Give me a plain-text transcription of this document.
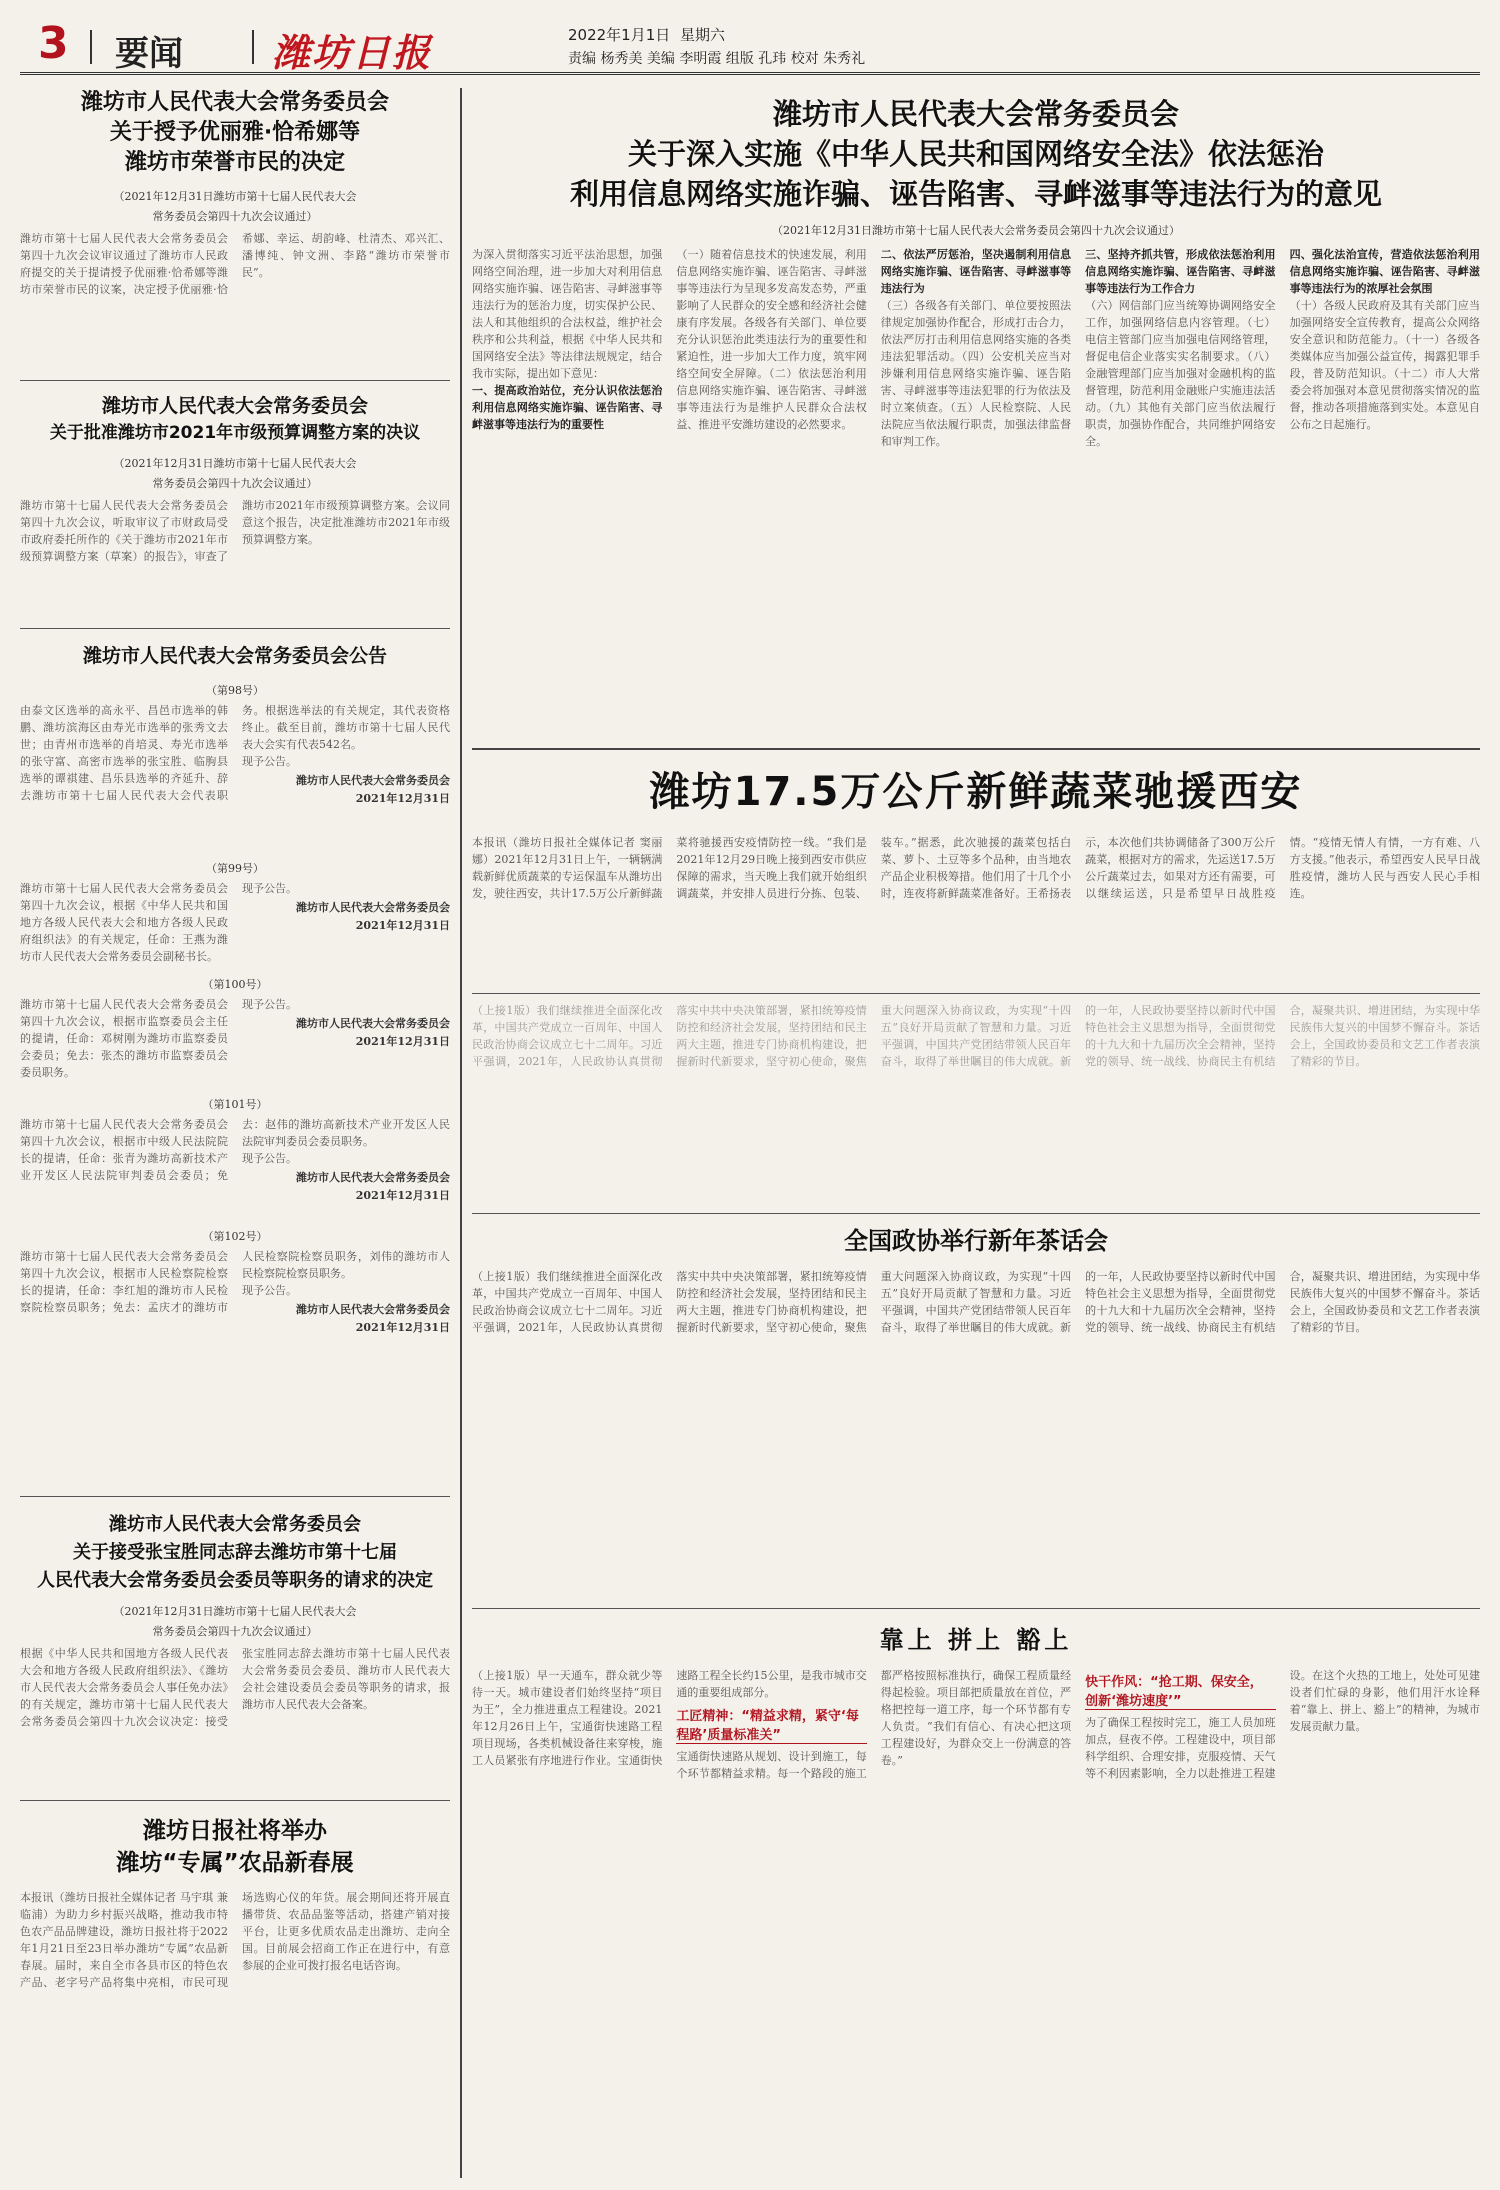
3 要闻 潍坊日报	2022年1月1日 星期六
责编 杨秀美 美编 李明霞 组版 孔玮 校对 朱秀礼

潍坊市人民代表大会常务委员会

关于授予优丽雅·恰希娜等

潍坊市荣誉市民的决定

（2021年12月31日潍坊市第十七届人民代表大会

常务委员会第四十九次会议通过）

潍坊市第十七届人民代表大会常务委员会第四十九次会议审议通过了潍坊市人民政府提交的关于提请授予优丽雅·恰希娜等潍坊市荣誉市民的议案，决定授予优丽雅·恰希娜、幸运、胡韵峰、杜清杰、邓兴汇、潘博纯、钟文洲、李路“潍坊市荣誉市民”。

潍坊市人民代表大会常务委员会

关于批准潍坊市2021年市级预算调整方案的决议

（2021年12月31日潍坊市第十七届人民代表大会

常务委员会第四十九次会议通过）

潍坊市第十七届人民代表大会常务委员会第四十九次会议，听取审议了市财政局受市政府委托所作的《关于潍坊市2021年市级预算调整方案（草案）的报告》，审查了潍坊市2021年市级预算调整方案。会议同意这个报告，决定批准潍坊市2021年市级预算调整方案。

潍坊市人民代表大会常务委员会公告

（第98号）

由泰文区选举的高永平、昌邑市选举的韩鹏、潍坊滨海区由寿光市选举的张秀文去世；由青州市选举的肖培灵、寿光市选举的张守富、高密市选举的张宝胜、临朐县选举的谭祺建、昌乐县选举的齐延升、辞去潍坊市第十七届人民代表大会代表职务。根据选举法的有关规定，其代表资格终止。截至目前，潍坊市第十七届人民代表大会实有代表542名。
现予公告。
潍坊市人民代表大会常务委员会
2021年12月31日

（第99号）

潍坊市第十七届人民代表大会常务委员会第四十九次会议，根据《中华人民共和国地方各级人民代表大会和地方各级人民政府组织法》的有关规定，任命：王燕为潍坊市人民代表大会常务委员会副秘书长。
现予公告。
潍坊市人民代表大会常务委员会
2021年12月31日

（第100号）

潍坊市第十七届人民代表大会常务委员会第四十九次会议，根据市监察委员会主任的提请，任命：邓树刚为潍坊市监察委员会委员；免去：张杰的潍坊市监察委员会委员职务。
现予公告。
潍坊市人民代表大会常务委员会
2021年12月31日

（第101号）

潍坊市第十七届人民代表大会常务委员会第四十九次会议，根据市中级人民法院院长的提请，任命：张青为潍坊高新技术产业开发区人民法院审判委员会委员；免去：赵伟的潍坊高新技术产业开发区人民法院审判委员会委员职务。
现予公告。
潍坊市人民代表大会常务委员会
2021年12月31日

（第102号）

潍坊市第十七届人民代表大会常务委员会第四十九次会议，根据市人民检察院检察长的提请，任命：李红旭的潍坊市人民检察院检察员职务；免去：孟庆才的潍坊市人民检察院检察员职务，刘伟的潍坊市人民检察院检察员职务。
现予公告。
潍坊市人民代表大会常务委员会
2021年12月31日

潍坊市人民代表大会常务委员会

关于接受张宝胜同志辞去潍坊市第十七届

人民代表大会常务委员会委员等职务的请求的决定

（2021年12月31日潍坊市第十七届人民代表大会

常务委员会第四十九次会议通过）

根据《中华人民共和国地方各级人民代表大会和地方各级人民政府组织法》、《潍坊市人民代表大会常务委员会人事任免办法》的有关规定，潍坊市第十七届人民代表大会常务委员会第四十九次会议决定：接受张宝胜同志辞去潍坊市第十七届人民代表大会常务委员会委员、潍坊市人民代表大会社会建设委员会委员等职务的请求，报潍坊市人民代表大会备案。

潍坊日报社将举办

潍坊“专属”农品新春展

本报讯（潍坊日报社全媒体记者 马宇琪 兼临浦）为助力乡村振兴战略，推动我市特色农产品品牌建设，潍坊日报社将于2022年1月21日至23日举办潍坊“专属”农品新春展。届时，来自全市各县市区的特色农产品、老字号产品将集中亮相，市民可现场选购心仪的年货。展会期间还将开展直播带货、农品品鉴等活动，搭建产销对接平台，让更多优质农品走出潍坊、走向全国。目前展会招商工作正在进行中，有意参展的企业可拨打报名电话咨询。

潍坊市人民代表大会常务委员会

关于深入实施《中华人民共和国网络安全法》依法惩治

利用信息网络实施诈骗、诬告陷害、寻衅滋事等违法行为的意见

（2021年12月31日潍坊市第十七届人民代表大会常务委员会第四十九次会议通过）

为深入贯彻落实习近平法治思想，加强网络空间治理，进一步加大对利用信息网络实施诈骗、诬告陷害、寻衅滋事等违法行为的惩治力度，切实保护公民、法人和其他组织的合法权益，维护社会秩序和公共利益，根据《中华人民共和国网络安全法》等法律法规规定，结合我市实际，提出如下意见：
一、提高政治站位，充分认识依法惩治利用信息网络实施诈骗、诬告陷害、寻衅滋事等违法行为的重要性
（一）随着信息技术的快速发展，利用信息网络实施诈骗、诬告陷害、寻衅滋事等违法行为呈现多发高发态势，严重影响了人民群众的安全感和经济社会健康有序发展。各级各有关部门、单位要充分认识惩治此类违法行为的重要性和紧迫性，进一步加大工作力度，筑牢网络空间安全屏障。（二）依法惩治利用信息网络实施诈骗、诬告陷害、寻衅滋事等违法行为是维护人民群众合法权益、推进平安潍坊建设的必然要求。
二、依法严厉惩治，坚决遏制利用信息网络实施诈骗、诬告陷害、寻衅滋事等违法行为
（三）各级各有关部门、单位要按照法律规定加强协作配合，形成打击合力，依法严厉打击利用信息网络实施的各类违法犯罪活动。（四）公安机关应当对涉嫌利用信息网络实施诈骗、诬告陷害、寻衅滋事等违法犯罪的行为依法及时立案侦查。（五）人民检察院、人民法院应当依法履行职责，加强法律监督和审判工作。
三、坚持齐抓共管，形成依法惩治利用信息网络实施诈骗、诬告陷害、寻衅滋事等违法行为工作合力
（六）网信部门应当统筹协调网络安全工作，加强网络信息内容管理。（七）电信主管部门应当加强电信网络管理，督促电信企业落实实名制要求。（八）金融管理部门应当加强对金融机构的监督管理，防范利用金融账户实施违法活动。（九）其他有关部门应当依法履行职责，加强协作配合，共同维护网络安全。
四、强化法治宣传，营造依法惩治利用信息网络实施诈骗、诬告陷害、寻衅滋事等违法行为的浓厚社会氛围
（十）各级人民政府及其有关部门应当加强网络安全宣传教育，提高公众网络安全意识和防范能力。（十一）各级各类媒体应当加强公益宣传，揭露犯罪手段，普及防范知识。（十二）市人大常委会将加强对本意见贯彻落实情况的监督，推动各项措施落到实处。本意见自公布之日起施行。

潍坊17.5万公斤新鲜蔬菜驰援西安

本报讯（潍坊日报社全媒体记者 窦丽娜）2021年12月31日上午，一辆辆满载新鲜优质蔬菜的专运保温车从潍坊出发，驶往西安，共计17.5万公斤新鲜蔬菜将驰援西安疫情防控一线。“我们是2021年12月29日晚上接到西安市供应保障的需求，当天晚上我们就开始组织调蔬菜，并安排人员进行分拣、包装、装车。”据悉，此次驰援的蔬菜包括白菜、萝卜、土豆等多个品种，由当地农产品企业积极筹措。他们用了十几个小时，连夜将新鲜蔬菜准备好。王希扬表示，本次他们共协调储备了300万公斤蔬菜，根据对方的需求，先运送17.5万公斤蔬菜过去，如果对方还有需要，可以继续运送，只是希望早日战胜疫情。“疫情无情人有情，一方有难、八方支援。”他表示，希望西安人民早日战胜疫情，潍坊人民与西安人民心手相连。
（上接1版）我们继续推进全面深化改革，中国共产党成立一百周年、中国人民政治协商会议成立七十二周年。习近平强调，2021年，人民政协认真贯彻落实中共中央决策部署，紧扣统筹疫情防控和经济社会发展，坚持团结和民主两大主题，推进专门协商机构建设，把握新时代新要求，坚守初心使命，聚焦重大问题深入协商议政，为实现“十四五”良好开局贡献了智慧和力量。习近平强调，中国共产党团结带领人民百年奋斗，取得了举世瞩目的伟大成就。新的一年，人民政协要坚持以新时代中国特色社会主义思想为指导，全面贯彻党的十九大和十九届历次全会精神，坚持党的领导、统一战线、协商民主有机结合，凝聚共识、增进团结，为实现中华民族伟大复兴的中国梦不懈奋斗。茶话会上，全国政协委员和文艺工作者表演了精彩的节目。

全国政协举行新年茶话会

（上接1版）我们继续推进全面深化改革，中国共产党成立一百周年、中国人民政治协商会议成立七十二周年。习近平强调，2021年，人民政协认真贯彻落实中共中央决策部署，紧扣统筹疫情防控和经济社会发展，坚持团结和民主两大主题，推进专门协商机构建设，把握新时代新要求，坚守初心使命，聚焦重大问题深入协商议政，为实现“十四五”良好开局贡献了智慧和力量。习近平强调，中国共产党团结带领人民百年奋斗，取得了举世瞩目的伟大成就。新的一年，人民政协要坚持以新时代中国特色社会主义思想为指导，全面贯彻党的十九大和十九届历次全会精神，坚持党的领导、统一战线、协商民主有机结合，凝聚共识、增进团结，为实现中华民族伟大复兴的中国梦不懈奋斗。茶话会上，全国政协委员和文艺工作者表演了精彩的节目。

靠上 拼上 豁上

（上接1版）早一天通车，群众就少等待一天。城市建设者们始终坚持“项目为王”，全力推进重点工程建设。2021年12月26日上午，宝通街快速路工程项目现场，各类机械设备往来穿梭，施工人员紧张有序地进行作业。宝通街快速路工程全长约15公里，是我市城市交通的重要组成部分。
工匠精神：“精益求精，紧守‘每程路’质量标准关”
宝通街快速路从规划、设计到施工，每个环节都精益求精。每一个路段的施工都严格按照标准执行，确保工程质量经得起检验。项目部把质量放在首位，严格把控每一道工序，每一个环节都有专人负责。“我们有信心、有决心把这项工程建设好，为群众交上一份满意的答卷。”
快干作风：“抢工期、保安全，创新‘潍坊速度’”
为了确保工程按时完工，施工人员加班加点，昼夜不停。工程建设中，项目部科学组织、合理安排，克服疫情、天气等不利因素影响，全力以赴推进工程建设。在这个火热的工地上，处处可见建设者们忙碌的身影，他们用汗水诠释着“靠上、拼上、豁上”的精神，为城市发展贡献力量。
